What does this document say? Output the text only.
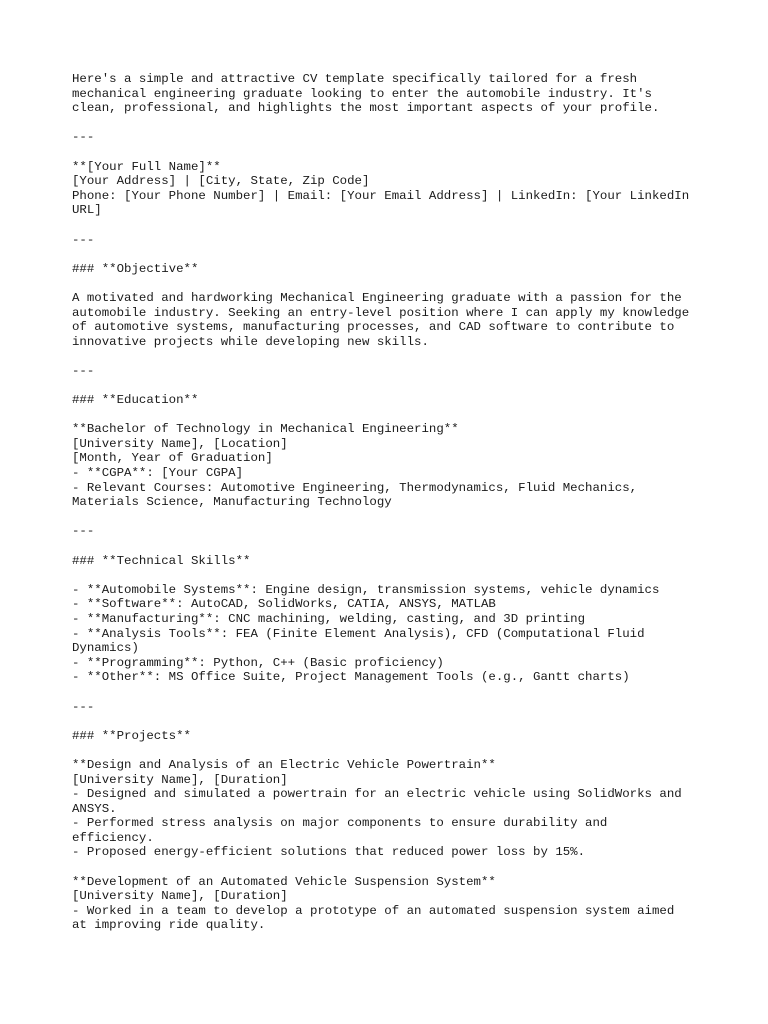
Here's a simple and attractive CV template specifically tailored for a fresh
mechanical engineering graduate looking to enter the automobile industry. It's
clean, professional, and highlights the most important aspects of your profile.
---
**[Your Full Name]**
[Your Address] | [City, State, Zip Code]
Phone: [Your Phone Number] | Email: [Your Email Address] | LinkedIn: [Your LinkedIn
URL]
---
### **Objective**
A motivated and hardworking Mechanical Engineering graduate with a passion for the
automobile industry. Seeking an entry-level position where I can apply my knowledge
of automotive systems, manufacturing processes, and CAD software to contribute to
innovative projects while developing new skills.
---
### **Education**
**Bachelor of Technology in Mechanical Engineering**
[University Name], [Location]
[Month, Year of Graduation]
- **CGPA**: [Your CGPA]
- Relevant Courses: Automotive Engineering, Thermodynamics, Fluid Mechanics,
Materials Science, Manufacturing Technology
---
### **Technical Skills**
- **Automobile Systems**: Engine design, transmission systems, vehicle dynamics
- **Software**: AutoCAD, SolidWorks, CATIA, ANSYS, MATLAB
- **Manufacturing**: CNC machining, welding, casting, and 3D printing
- **Analysis Tools**: FEA (Finite Element Analysis), CFD (Computational Fluid
Dynamics)
- **Programming**: Python, C++ (Basic proficiency)
- **Other**: MS Office Suite, Project Management Tools (e.g., Gantt charts)
---
### **Projects**
**Design and Analysis of an Electric Vehicle Powertrain**
[University Name], [Duration]
- Designed and simulated a powertrain for an electric vehicle using SolidWorks and
ANSYS.
- Performed stress analysis on major components to ensure durability and
efficiency.
- Proposed energy-efficient solutions that reduced power loss by 15%.
**Development of an Automated Vehicle Suspension System**
[University Name], [Duration]
- Worked in a team to develop a prototype of an automated suspension system aimed
at improving ride quality.
